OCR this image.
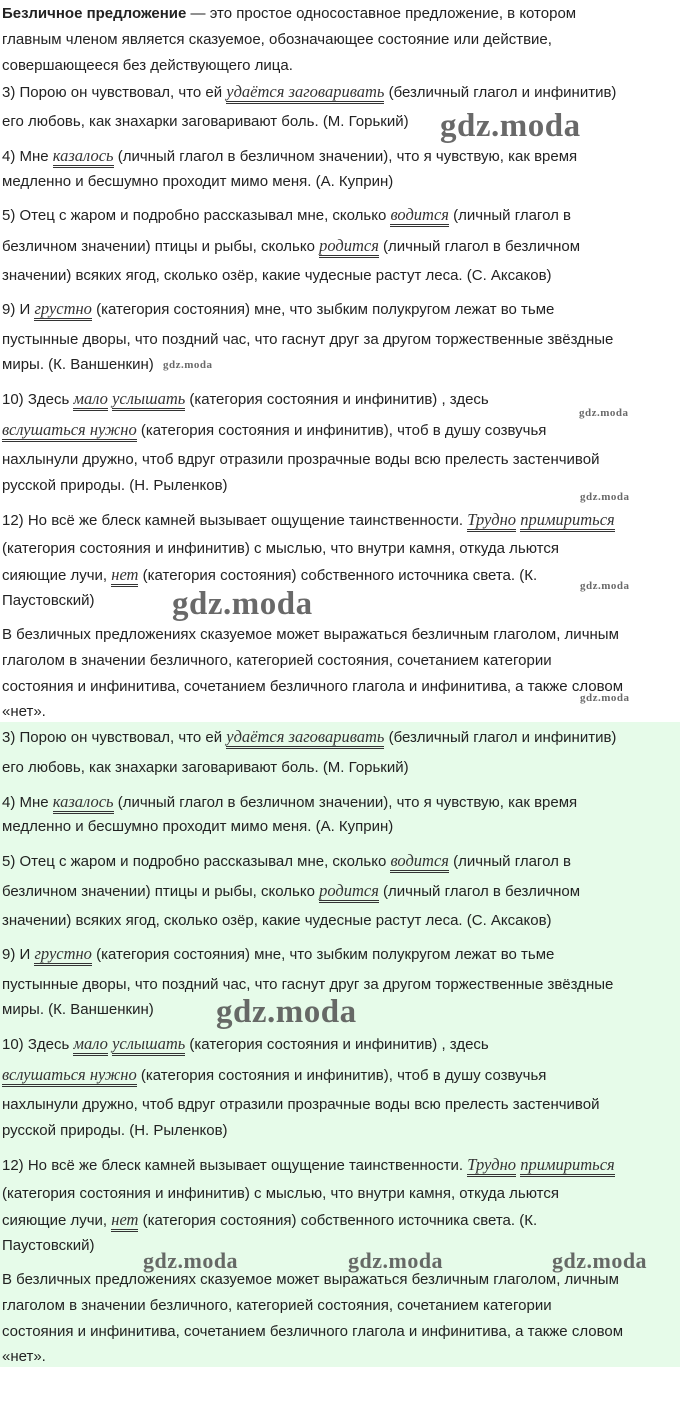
Безличное предложение — это простое односоставное предложение, в котором
главным членом является сказуемое, обозначающее состояние или действие,
совершающееся без действующего лица.
3) Порою он чувствовал, что ей удаётся заговаривать (безличный глагол и инфинитив)
его любовь, как знахарки заговаривают боль. (М. Горький)
4) Мне казалось (личный глагол в безличном значении), что я чувствую, как время
медленно и бесшумно проходит мимо меня. (А. Куприн)
5) Отец с жаром и подробно рассказывал мне, сколько водится (личный глагол в
безличном значении) птицы и рыбы, сколько родится (личный глагол в безличном
значении) всяких ягод, сколько озёр, какие чудесные растут леса. (С. Аксаков)
9) И грустно (категория состояния) мне, что зыбким полукругом лежат во тьме
пустынные дворы, что поздний час, что гаснут друг за другом торжественные звёздные
миры. (К. Ваншенкин)
10) Здесь мало услышать (категория состояния и инфинитив) , здесь
вслушаться нужно (категория состояния и инфинитив), чтоб в душу созвучья
нахлынули дружно, чтоб вдруг отразили прозрачные воды всю прелесть застенчивой
русской природы. (Н. Рыленков)
12) Но всё же блеск камней вызывает ощущение таинственности. Трудно примириться
(категория состояния и инфинитив) с мыслью, что внутри камня, откуда льются
сияющие лучи, нет (категория состояния) собственного источника света. (К.
Паустовский)
В безличных предложениях сказуемое может выражаться безличным глаголом, личным
глаголом в значении безличного, категорией состояния, сочетанием категории
состояния и инфинитива, сочетанием безличного глагола и инфинитива, а также словом
«нет».
gdz.moda
gdz.moda
gdz.moda
gdz.moda
gdz.moda	gdz.moda
gdz.moda
3) Порою он чувствовал, что ей удаётся заговаривать (безличный глагол и инфинитив)
его любовь, как знахарки заговаривают боль. (М. Горький)
4) Мне казалось (личный глагол в безличном значении), что я чувствую, как время
медленно и бесшумно проходит мимо меня. (А. Куприн)
5) Отец с жаром и подробно рассказывал мне, сколько водится (личный глагол в
безличном значении) птицы и рыбы, сколько родится (личный глагол в безличном
значении) всяких ягод, сколько озёр, какие чудесные растут леса. (С. Аксаков)
9) И грустно (категория состояния) мне, что зыбким полукругом лежат во тьме
пустынные дворы, что поздний час, что гаснут друг за другом торжественные звёздные
миры. (К. Ваншенкин)
10) Здесь мало услышать (категория состояния и инфинитив) , здесь
вслушаться нужно (категория состояния и инфинитив), чтоб в душу созвучья
нахлынули дружно, чтоб вдруг отразили прозрачные воды всю прелесть застенчивой
русской природы. (Н. Рыленков)
12) Но всё же блеск камней вызывает ощущение таинственности. Трудно примириться
(категория состояния и инфинитив) с мыслью, что внутри камня, откуда льются
сияющие лучи, нет (категория состояния) собственного источника света. (К.
Паустовский)
В безличных предложениях сказуемое может выражаться безличным глаголом, личным
глаголом в значении безличного, категорией состояния, сочетанием категории
состояния и инфинитива, сочетанием безличного глагола и инфинитива, а также словом
«нет».
gdz.moda
gdz.moda	gdz.moda	gdz.moda
